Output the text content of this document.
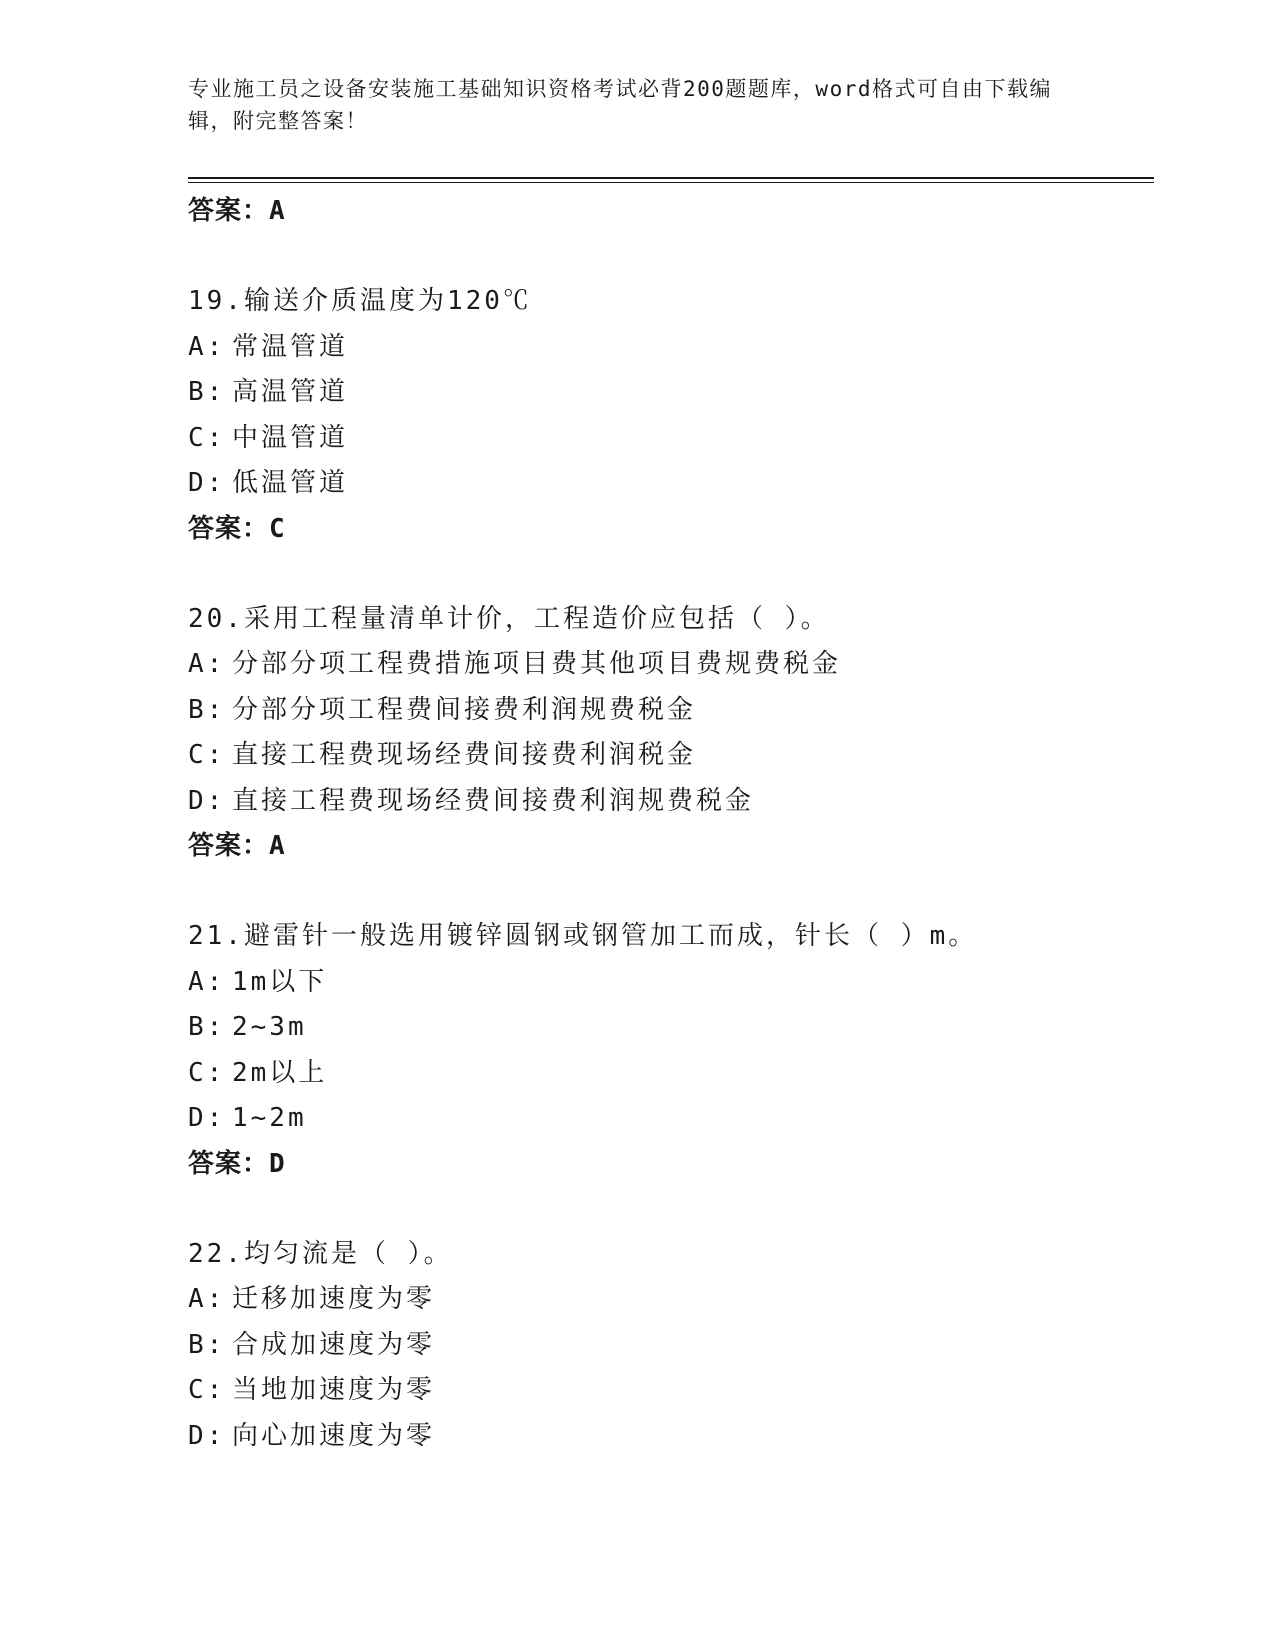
专业施工员之设备安装施工基础知识资格考试必背200题题库，word格式可自由下载编辑，附完整答案！
答案：A
19.输送介质温度为120℃
A: 常温管道
B: 高温管道
C: 中温管道
D: 低温管道
答案：C
20.采用工程量清单计价，工程造价应包括（ ）。
A: 分部分项工程费措施项目费其他项目费规费税金
B: 分部分项工程费间接费利润规费税金
C: 直接工程费现场经费间接费利润税金
D: 直接工程费现场经费间接费利润规费税金
答案：A
21.避雷针一般选用镀锌圆钢或钢管加工而成，针长（ ）m。
A: 1m以下
B: 2~3m
C: 2m以上
D: 1~2m
答案：D
22.均匀流是（ ）。
A: 迁移加速度为零
B: 合成加速度为零
C: 当地加速度为零
D: 向心加速度为零
